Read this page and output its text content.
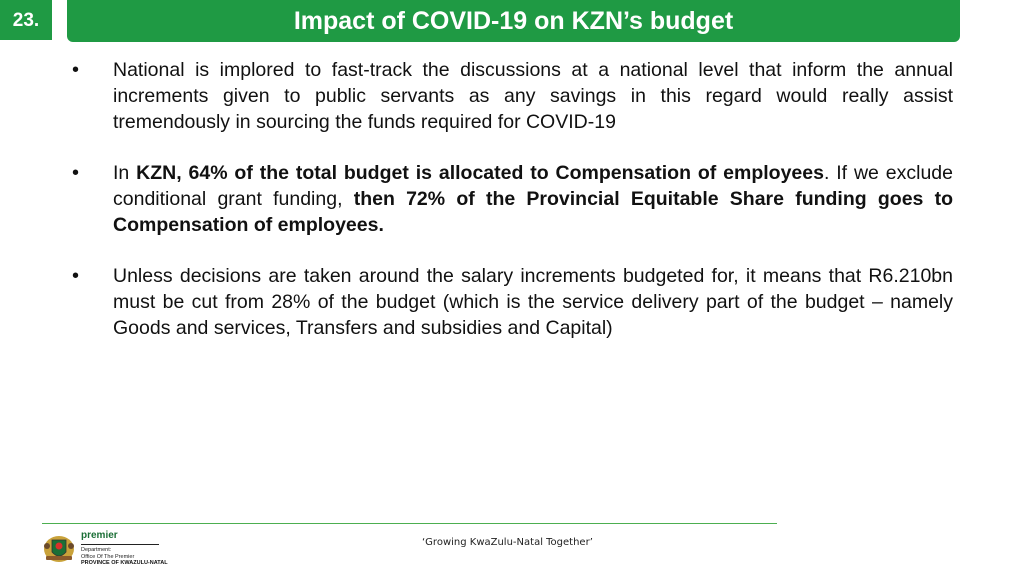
23.	Impact of COVID-19 on KZN’s budget
•	National is implored to fast-track the discussions at a national level that inform the annual increments given to public servants as any savings in this regard would really assist tremendously in sourcing the funds required for COVID-19
•	In KZN, 64% of the total budget is allocated to Compensation of employees. If we exclude conditional grant funding, then 72% of the Provincial Equitable Share funding goes to Compensation of employees.
•	Unless decisions are taken around the salary increments budgeted for, it means that R6.210bn must be cut from 28% of the budget (which is the service delivery part of the budget – namely Goods and services, Transfers and subsidies and Capital)
premier
Department:
Office Of The Premier
PROVINCE OF KWAZULU-NATAL
‘Growing KwaZulu-Natal Together’
